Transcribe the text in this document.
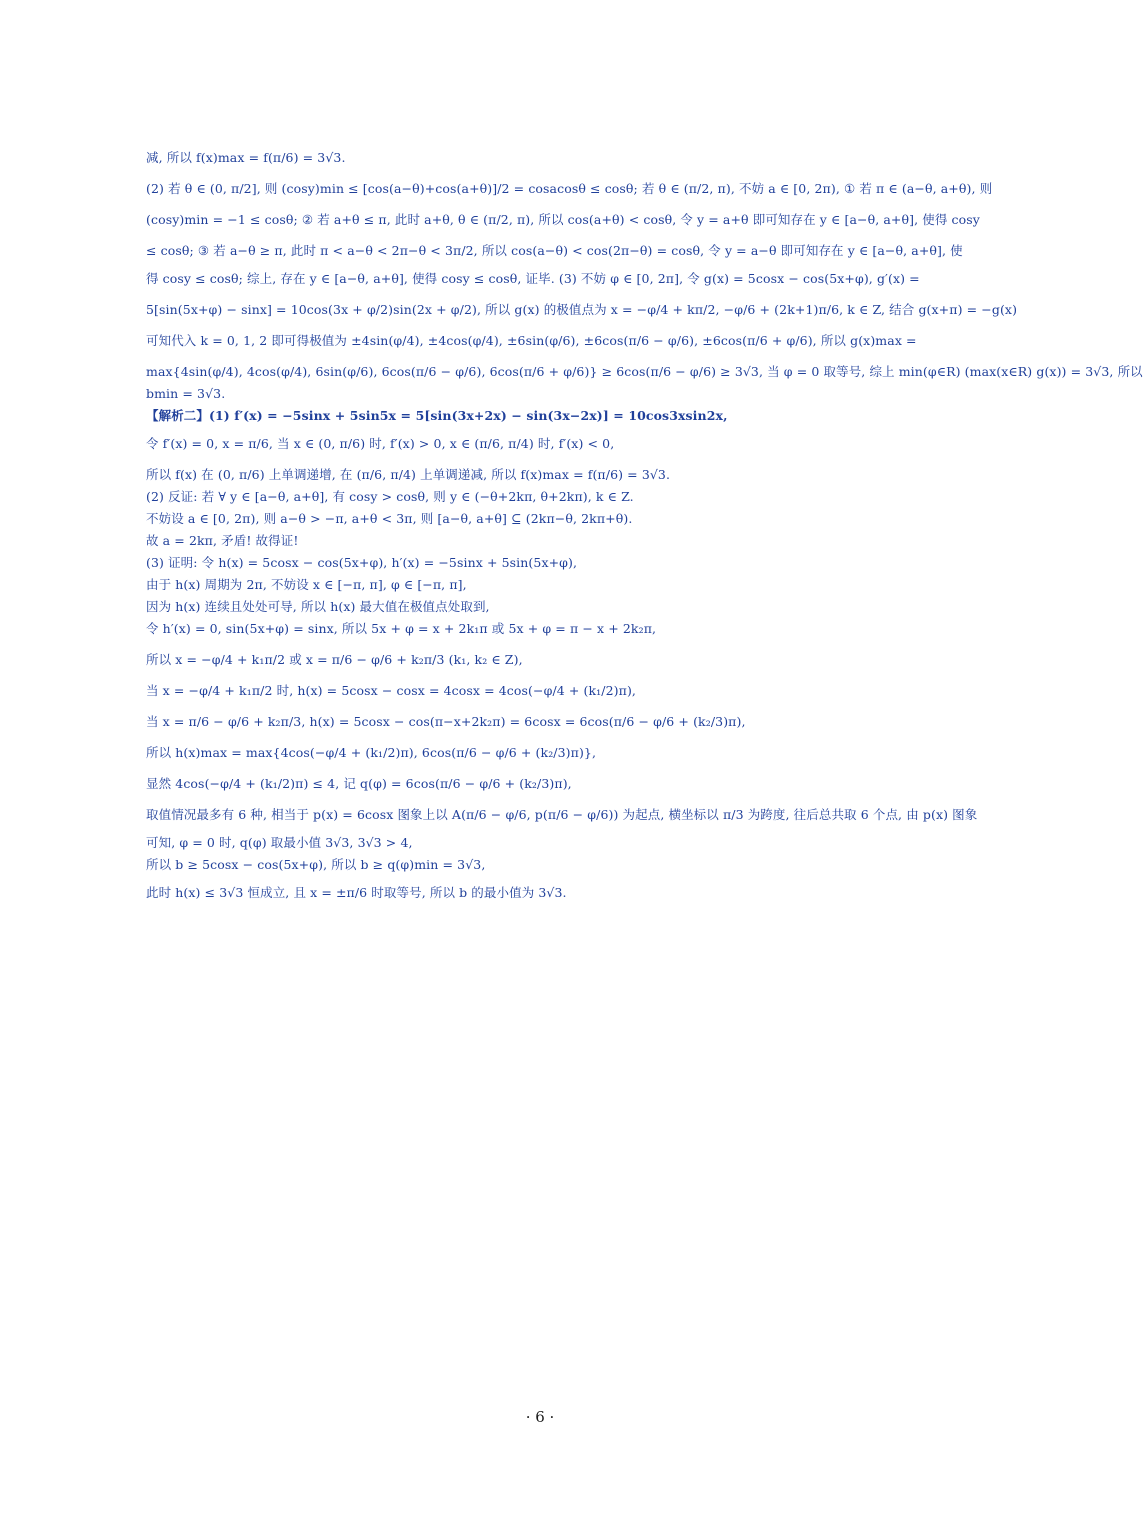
减, 所以 f(x)max = f(π/6) = 3√3.
(2) 若 θ ∈ (0, π/2], 则 (cosy)min ≤ [cos(a−θ)+cos(a+θ)]/2 = cosacosθ ≤ cosθ; 若 θ ∈ (π/2, π), 不妨 a ∈ [0, 2π), ① 若 π ∈ (a−θ, a+θ), 则
(cosy)min = −1 ≤ cosθ; ② 若 a+θ ≤ π, 此时 a+θ, θ ∈ (π/2, π), 所以 cos(a+θ) < cosθ, 令 y = a+θ 即可知存在 y ∈ [a−θ, a+θ], 使得 cosy
≤ cosθ; ③ 若 a−θ ≥ π, 此时 π < a−θ < 2π−θ < 3π/2, 所以 cos(a−θ) < cos(2π−θ) = cosθ, 令 y = a−θ 即可知存在 y ∈ [a−θ, a+θ], 使
得 cosy ≤ cosθ; 综上, 存在 y ∈ [a−θ, a+θ], 使得 cosy ≤ cosθ, 证毕. (3) 不妨 φ ∈ [0, 2π], 令 g(x) = 5cosx − cos(5x+φ), g′(x) =
5[sin(5x+φ) − sinx] = 10cos(3x + φ/2)sin(2x + φ/2), 所以 g(x) 的极值点为 x = −φ/4 + kπ/2, −φ/6 + (2k+1)π/6, k ∈ Z, 结合 g(x+π) = −g(x)
可知代入 k = 0, 1, 2 即可得极值为 ±4sin(φ/4), ±4cos(φ/4), ±6sin(φ/6), ±6cos(π/6 − φ/6), ±6cos(π/6 + φ/6), 所以 g(x)max =
max{4sin(φ/4), 4cos(φ/4), 6sin(φ/6), 6cos(π/6 − φ/6), 6cos(π/6 + φ/6)} ≥ 6cos(π/6 − φ/6) ≥ 3√3, 当 φ = 0 取等号, 综上 min(φ∈R) (max(x∈R) g(x)) = 3√3, 所以
bmin = 3√3.
【解析二】(1) f′(x) = −5sinx + 5sin5x = 5[sin(3x+2x) − sin(3x−2x)] = 10cos3xsin2x,
令 f′(x) = 0, x = π/6, 当 x ∈ (0, π/6) 时, f′(x) > 0, x ∈ (π/6, π/4) 时, f′(x) < 0,
所以 f(x) 在 (0, π/6) 上单调递增, 在 (π/6, π/4) 上单调递减, 所以 f(x)max = f(π/6) = 3√3.
(2) 反证: 若 ∀ y ∈ [a−θ, a+θ], 有 cosy > cosθ, 则 y ∈ (−θ+2kπ, θ+2kπ), k ∈ Z.
不妨设 a ∈ [0, 2π), 则 a−θ > −π, a+θ < 3π, 则 [a−θ, a+θ] ⊆ (2kπ−θ, 2kπ+θ).
故 a = 2kπ, 矛盾! 故得证!
(3) 证明: 令 h(x) = 5cosx − cos(5x+φ), h′(x) = −5sinx + 5sin(5x+φ),
由于 h(x) 周期为 2π, 不妨设 x ∈ [−π, π], φ ∈ [−π, π],
因为 h(x) 连续且处处可导, 所以 h(x) 最大值在极值点处取到,
令 h′(x) = 0, sin(5x+φ) = sinx, 所以 5x + φ = x + 2k₁π 或 5x + φ = π − x + 2k₂π,
所以 x = −φ/4 + k₁π/2 或 x = π/6 − φ/6 + k₂π/3 (k₁, k₂ ∈ Z),
当 x = −φ/4 + k₁π/2 时, h(x) = 5cosx − cosx = 4cosx = 4cos(−φ/4 + (k₁/2)π),
当 x = π/6 − φ/6 + k₂π/3, h(x) = 5cosx − cos(π−x+2k₂π) = 6cosx = 6cos(π/6 − φ/6 + (k₂/3)π),
所以 h(x)max = max{4cos(−φ/4 + (k₁/2)π), 6cos(π/6 − φ/6 + (k₂/3)π)},
显然 4cos(−φ/4 + (k₁/2)π) ≤ 4, 记 q(φ) = 6cos(π/6 − φ/6 + (k₂/3)π),
取值情况最多有 6 种, 相当于 p(x) = 6cosx 图象上以 A(π/6 − φ/6, p(π/6 − φ/6)) 为起点, 横坐标以 π/3 为跨度, 往后总共取 6 个点, 由 p(x) 图象
可知, φ = 0 时, q(φ) 取最小值 3√3, 3√3 > 4,
所以 b ≥ 5cosx − cos(5x+φ), 所以 b ≥ q(φ)min = 3√3,
此时 h(x) ≤ 3√3 恒成立, 且 x = ±π/6 时取等号, 所以 b 的最小值为 3√3.
· 6 ·
